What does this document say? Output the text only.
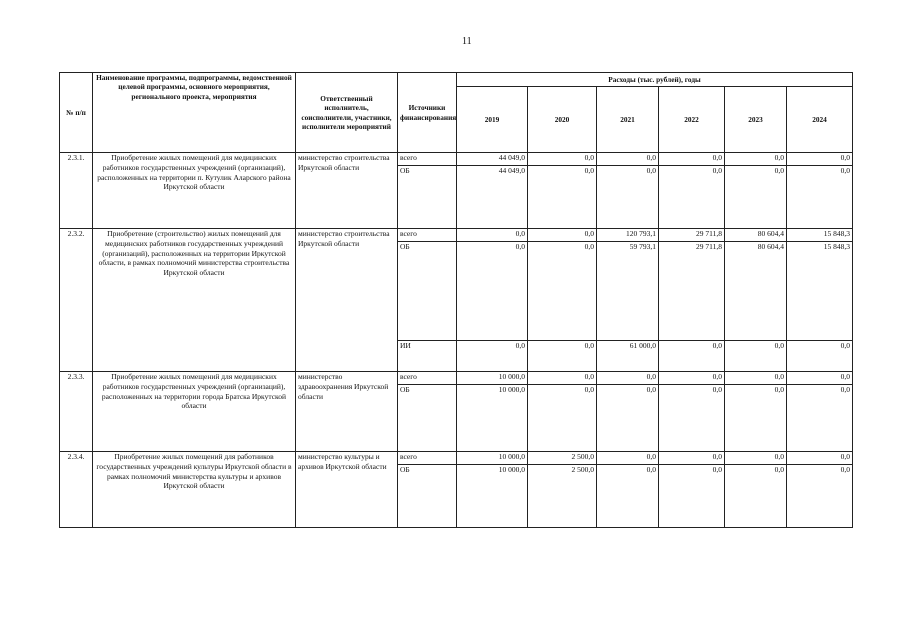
11
№ п/п	Наименование программы, подпрограммы, ведомственной целевой программы, основного мероприятия, регионального проекта, мероприятия	Ответственный исполнитель, соисполнители, участники, исполнители мероприятий	Источники финансирования	Расходы (тыс. рублей), годы					
				2019	2020	2021	2022	2023	2024
2.3.1.	Приобретение жилых помещений для медицинских работников государственных учреждений (организаций), расположенных на территории п. Кутулик Аларского района Иркутской области	министерство строительства Иркутской области	всего	44 049,0	0,0	0,0	0,0	0,0	0,0
			ОБ	44 049,0	0,0	0,0	0,0	0,0	0,0
2.3.2.	Приобретение (строительство) жилых помещений для медицинских работников государственных учреждений (организаций), расположенных на территории Иркутской области, в рамках полномочий министерства строительства Иркутской области	министерство строительства Иркутской области	всего	0,0	0,0	120 793,1	29 711,8	80 604,4	15 848,3
			ОБ	0,0	0,0	59 793,1	29 711,8	80 604,4	15 848,3
			ИИ	0,0	0,0	61 000,0	0,0	0,0	0,0
2.3.3.	Приобретение жилых помещений для медицинских работников государственных учреждений (организаций), расположенных на территории города Братска Иркутской области	министерство здравоохранения Иркутской области	всего	10 000,0	0,0	0,0	0,0	0,0	0,0
			ОБ	10 000,0	0,0	0,0	0,0	0,0	0,0
2.3.4.	Приобретение жилых помещений для работников государственных учреждений культуры Иркутской области в рамках полномочий министерства культуры и архивов Иркутской области	министерство культуры и архивов Иркутской области	всего	10 000,0	2 500,0	0,0	0,0	0,0	0,0
			ОБ	10 000,0	2 500,0	0,0	0,0	0,0	0,0
